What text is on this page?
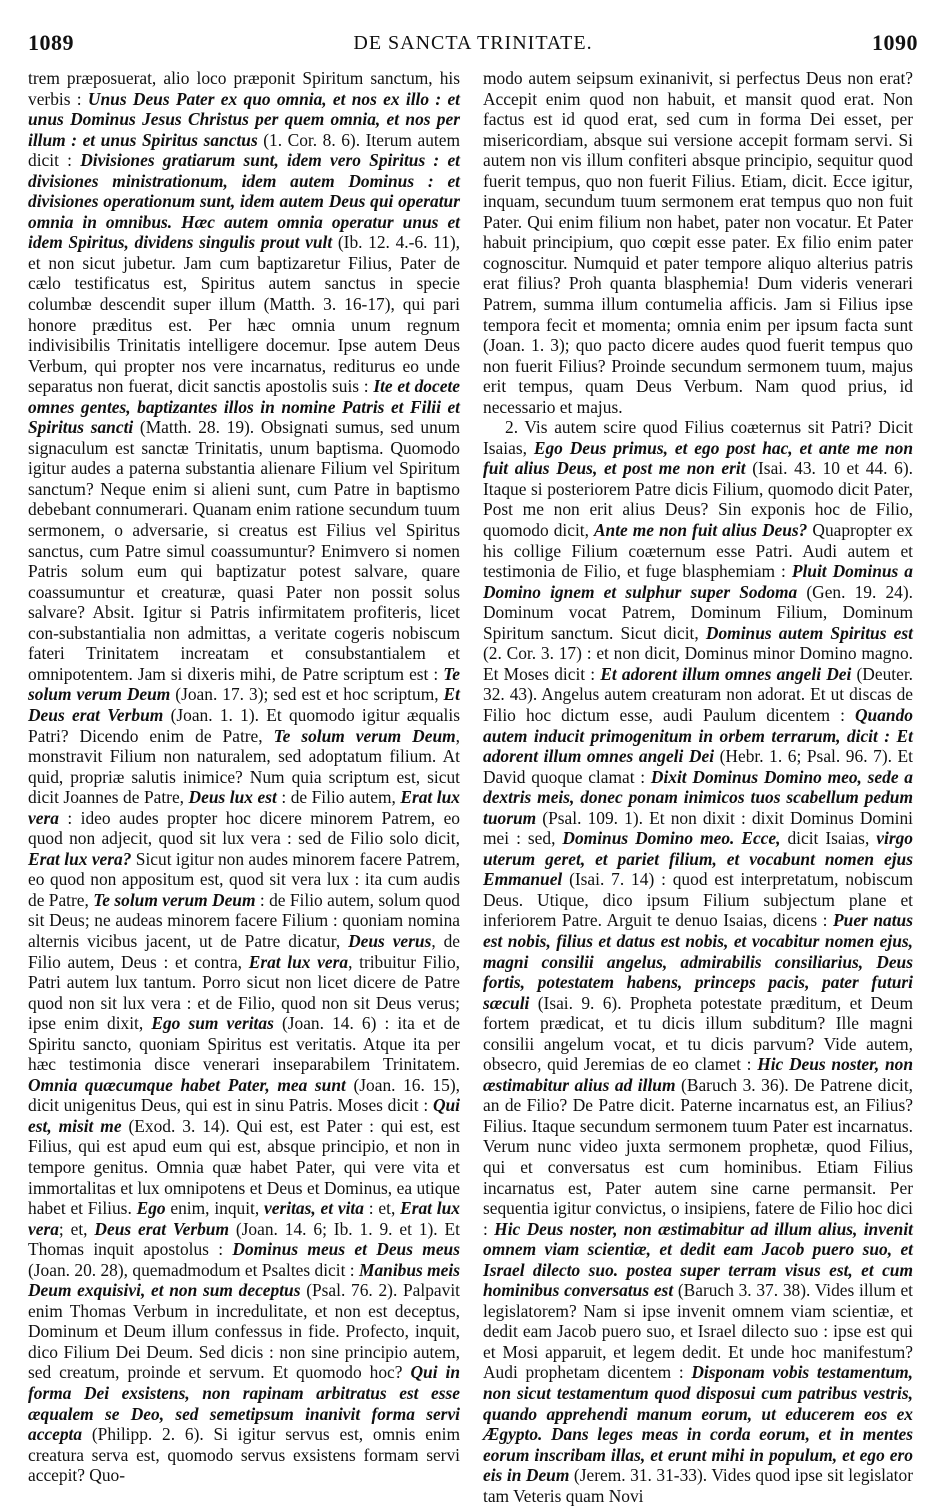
1089	DE SANCTA TRINITATE.	1090

trem præposuerat, alio loco præponit Spiritum sanctum, his verbis : Unus Deus Pater ex quo omnia, et nos ex illo : et unus Dominus Jesus Christus per quem omnia, et nos per illum : et unus Spiritus sanctus (1. Cor. 8. 6). Iterum autem dicit : Divisiones gratiarum sunt, idem vero Spiritus : et divisiones ministrationum, idem autem Dominus : et divisiones operationum sunt, idem autem Deus qui operatur omnia in omnibus. Hæc autem omnia operatur unus et idem Spiritus, dividens singulis prout vult (Ib. 12. 4.-6. 11), et non sicut jubetur. Jam cum baptizaretur Filius, Pater de cælo testificatus est, Spiritus autem sanctus in specie columbæ descendit super illum (Matth. 3. 16-17), qui pari honore præditus est. Per hæc omnia unum regnum indivisibilis Trinitatis intelligere docemur. Ipse autem Deus Verbum, qui propter nos vere incarnatus, rediturus eo unde separatus non fuerat, dicit sanctis apostolis suis : Ite et docete omnes gentes, baptizantes illos in nomine Patris et Filii et Spiritus sancti (Matth. 28. 19). Obsignati sumus, sed unum signaculum est sanctæ Trinitatis, unum baptisma. Quomodo igitur audes a paterna substantia alienare Filium vel Spiritum sanctum? Neque enim si alieni sunt, cum Patre in baptismo debebant connumerari. Quanam enim ratione secundum tuum sermonem, o adversarie, si creatus est Filius vel Spiritus sanctus, cum Patre simul coassumuntur? Enimvero si nomen Patris solum eum qui baptizatur potest salvare, quare coassumuntur et creaturæ, quasi Pater non possit solus salvare? Absit. Igitur si Patris infirmitatem profiteris, licet con-substantialia non admittas, a veritate cogeris nobiscum fateri Trinitatem increatam et consubstantialem et omnipotentem. Jam si dixeris mihi, de Patre scriptum est : Te solum verum Deum (Joan. 17. 3); sed est et hoc scriptum, Et Deus erat Verbum (Joan. 1. 1). Et quomodo igitur æqualis Patri? Dicendo enim de Patre, Te solum verum Deum, monstravit Filium non naturalem, sed adoptatum filium. At quid, propriæ salutis inimice? Num quia scriptum est, sicut dicit Joannes de Patre, Deus lux est : de Filio autem, Erat lux vera : ideo audes propter hoc dicere minorem Patrem, eo quod non adjecit, quod sit lux vera : sed de Filio solo dicit, Erat lux vera? Sicut igitur non audes minorem facere Patrem, eo quod non appositum est, quod sit vera lux : ita cum audis de Patre, Te solum verum Deum : de Filio autem, solum quod sit Deus; ne audeas minorem facere Filium : quoniam nomina alternis vicibus jacent, ut de Patre dicatur, Deus verus, de Filio autem, Deus : et contra, Erat lux vera, tribuitur Filio, Patri autem lux tantum. Porro sicut non licet dicere de Patre quod non sit lux vera : et de Filio, quod non sit Deus verus; ipse enim dixit, Ego sum veritas (Joan. 14. 6) : ita et de Spiritu sancto, quoniam Spiritus est veritatis. Atque ita per hæc testimonia disce venerari inseparabilem Trinitatem. Omnia quæcumque habet Pater, mea sunt (Joan. 16. 15), dicit unigenitus Deus, qui est in sinu Patris. Moses dicit : Qui est, misit me (Exod. 3. 14). Qui est, est Pater : qui est, est Filius, qui est apud eum qui est, absque principio, et non in tempore genitus. Omnia quæ habet Pater, qui vere vita et immortalitas et lux omnipotens et Deus et Dominus, ea utique habet et Filius. Ego enim, inquit, veritas, et vita : et, Erat lux vera; et, Deus erat Verbum (Joan. 14. 6; Ib. 1. 9. et 1). Et Thomas inquit apostolus : Dominus meus et Deus meus (Joan. 20. 28), quemadmodum et Psaltes dicit : Manibus meis Deum exquisivi, et non sum deceptus (Psal. 76. 2). Palpavit enim Thomas Verbum in incredulitate, et non est deceptus, Dominum et Deum illum confessus in fide. Profecto, inquit, dico Filium Dei Deum. Sed dicis : non sine principio autem, sed creatum, proinde et servum. Et quomodo hoc? Qui in forma Dei exsistens, non rapinam arbitratus est esse æqualem se Deo, sed semetipsum inanivit forma servi accepta (Philipp. 2. 6). Si igitur servus est, omnis enim creatura serva est, quomodo servus exsistens formam servi accepit? Quo-

modo autem seipsum exinanivit, si perfectus Deus non erat? Accepit enim quod non habuit, et mansit quod erat. Non factus est id quod erat, sed cum in forma Dei esset, per misericordiam, absque sui versione accepit formam servi. Si autem non vis illum confiteri absque principio, sequitur quod fuerit tempus, quo non fuerit Filius. Etiam, dicit. Ecce igitur, inquam, secundum tuum sermonem erat tempus quo non fuit Pater. Qui enim filium non habet, pater non vocatur. Et Pater habuit principium, quo cœpit esse pater. Ex filio enim pater cognoscitur. Numquid et pater tempore aliquo alterius patris erat filius? Proh quanta blasphemia! Dum videris venerari Patrem, summa illum contumelia afficis. Jam si Filius ipse tempora fecit et momenta; omnia enim per ipsum facta sunt (Joan. 1. 3); quo pacto dicere audes quod fuerit tempus quo non fuerit Filius? Proinde secundum sermonem tuum, majus erit tempus, quam Deus Verbum. Nam quod prius, id necessario et majus.

2. Vis autem scire quod Filius coæternus sit Patri? Dicit Isaias, Ego Deus primus, et ego post hac, et ante me non fuit alius Deus, et post me non erit (Isai. 43. 10 et 44. 6). Itaque si posteriorem Patre dicis Filium, quomodo dicit Pater, Post me non erit alius Deus? Sin exponis hoc de Filio, quomodo dicit, Ante me non fuit alius Deus? Quapropter ex his collige Filium coæternum esse Patri. Audi autem et testimonia de Filio, et fuge blasphemiam : Pluit Dominus a Domino ignem et sulphur super Sodoma (Gen. 19. 24). Dominum vocat Patrem, Dominum Filium, Dominum Spiritum sanctum. Sicut dicit, Dominus autem Spiritus est (2. Cor. 3. 17) : et non dicit, Dominus minor Domino magno. Et Moses dicit : Et adorent illum omnes angeli Dei (Deuter. 32. 43). Angelus autem creaturam non adorat. Et ut discas de Filio hoc dictum esse, audi Paulum dicentem : Quando autem inducit primogenitum in orbem terrarum, dicit : Et adorent illum omnes angeli Dei (Hebr. 1. 6; Psal. 96. 7). Et David quoque clamat : Dixit Dominus Domino meo, sede a dextris meis, donec ponam inimicos tuos scabellum pedum tuorum (Psal. 109. 1). Et non dixit : dixit Dominus Domini mei : sed, Dominus Domino meo. Ecce, dicit Isaias, virgo uterum geret, et pariet filium, et vocabunt nomen ejus Emmanuel (Isai. 7. 14) : quod est interpretatum, nobiscum Deus. Utique, dico ipsum Filium subjectum plane et inferiorem Patre. Arguit te denuo Isaias, dicens : Puer natus est nobis, filius et datus est nobis, et vocabitur nomen ejus, magni consilii angelus, admirabilis consiliarius, Deus fortis, potestatem habens, princeps pacis, pater futuri sæculi (Isai. 9. 6). Propheta potestate præditum, et Deum fortem prædicat, et tu dicis illum subditum? Ille magni consilii angelum vocat, et tu dicis parvum? Vide autem, obsecro, quid Jeremias de eo clamet : Hic Deus noster, non æstimabitur alius ad illum (Baruch 3. 36). De Patrene dicit, an de Filio? De Patre dicit. Paterne incarnatus est, an Filius? Filius. Itaque secundum sermonem tuum Pater est incarnatus. Verum nunc video juxta sermonem prophetæ, quod Filius, qui et conversatus est cum hominibus. Etiam Filius incarnatus est, Pater autem sine carne permansit. Per sequentia igitur convictus, o insipiens, fatere de Filio hoc dici : Hic Deus noster, non æstimabitur ad illum alius, invenit omnem viam scientiæ, et dedit eam Jacob puero suo, et Israel dilecto suo. postea super terram visus est, et cum hominibus conversatus est (Baruch 3. 37. 38). Vides illum et legislatorem? Nam si ipse invenit omnem viam scientiæ, et dedit eam Jacob puero suo, et Israel dilecto suo : ipse est qui et Mosi apparuit, et legem dedit. Et unde hoc manifestum? Audi prophetam dicentem : Disponam vobis testamentum, non sicut testamentum quod disposui cum patribus vestris, quando apprehendi manum eorum, ut educerem eos ex Ægypto. Dans leges meas in corda eorum, et in mentes eorum inscribam illas, et erunt mihi in populum, et ego ero eis in Deum (Jerem. 31. 31-33). Vides quod ipse sit legislator tam Veteris quam Novi
